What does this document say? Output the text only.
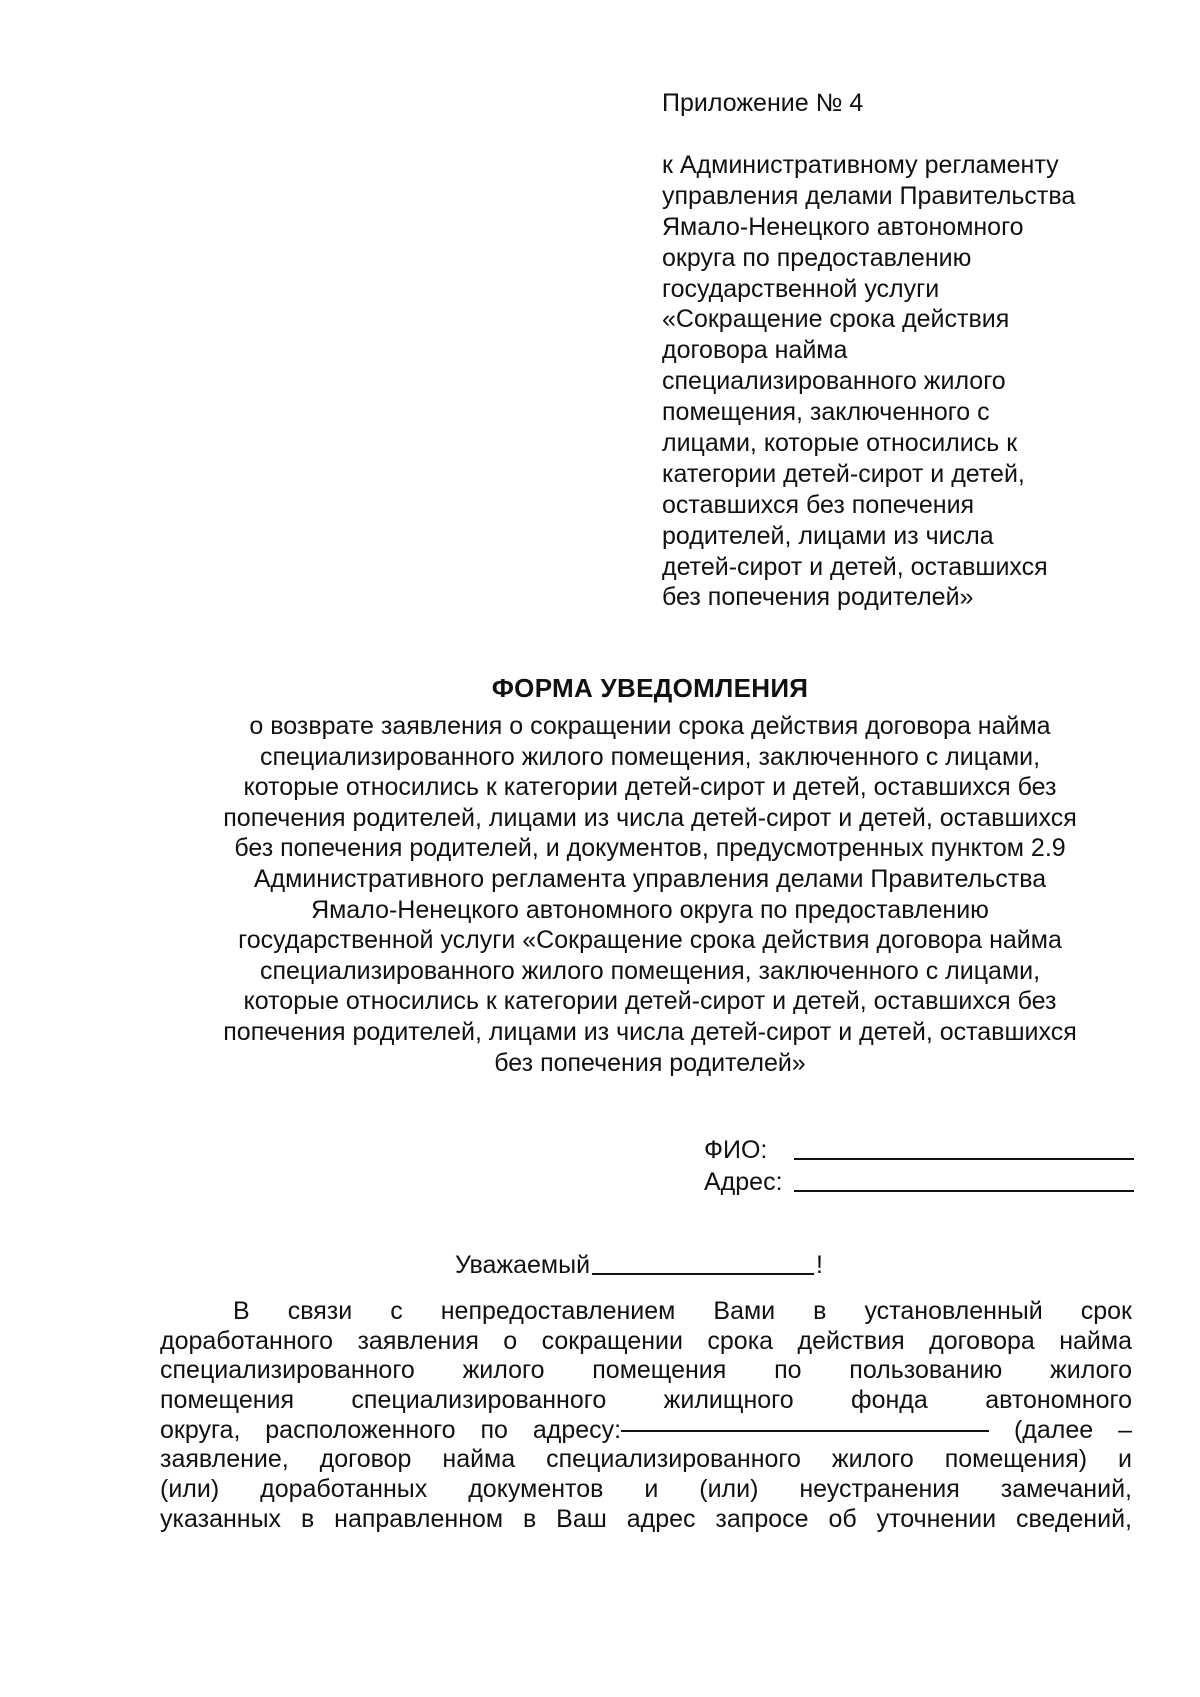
Приложение № 4
к Административному регламенту
управления делами Правительства
Ямало-Ненецкого автономного
округа по предоставлению
государственной услуги
«Сокращение срока действия
договора найма
специализированного жилого
помещения, заключенного с
лицами, которые относились к
категории детей-сирот и детей,
оставшихся без попечения
родителей, лицами из числа
детей-сирот и детей, оставшихся
без попечения родителей»
ФОРМА УВЕДОМЛЕНИЯ
о возврате заявления о сокращении срока действия договора найма
специализированного жилого помещения, заключенного с лицами,
которые относились к категории детей-сирот и детей, оставшихся без
попечения родителей, лицами из числа детей-сирот и детей, оставшихся
без попечения родителей, и документов, предусмотренных пунктом 2.9
Административного регламента управления делами Правительства
Ямало-Ненецкого автономного округа по предоставлению
государственной услуги «Сокращение срока действия договора найма
специализированного жилого помещения, заключенного с лицами,
которые относились к категории детей-сирот и детей, оставшихся без
попечения родителей, лицами из числа детей-сирот и детей, оставшихся
без попечения родителей»
ФИО:
Адрес:
Уважаемый	!
В связи с непредоставлением Вами в установленный срок
доработанного заявления о сокращении срока действия договора найма
специализированного жилого помещения по пользованию жилого
помещения специализированного жилищного фонда автономного
округа, расположенного по адресу:	(далее –
заявление, договор найма специализированного жилого помещения) и
(или) доработанных документов и (или) неустранения замечаний,
указанных в направленном в Ваш адрес запросе об уточнении сведений,
